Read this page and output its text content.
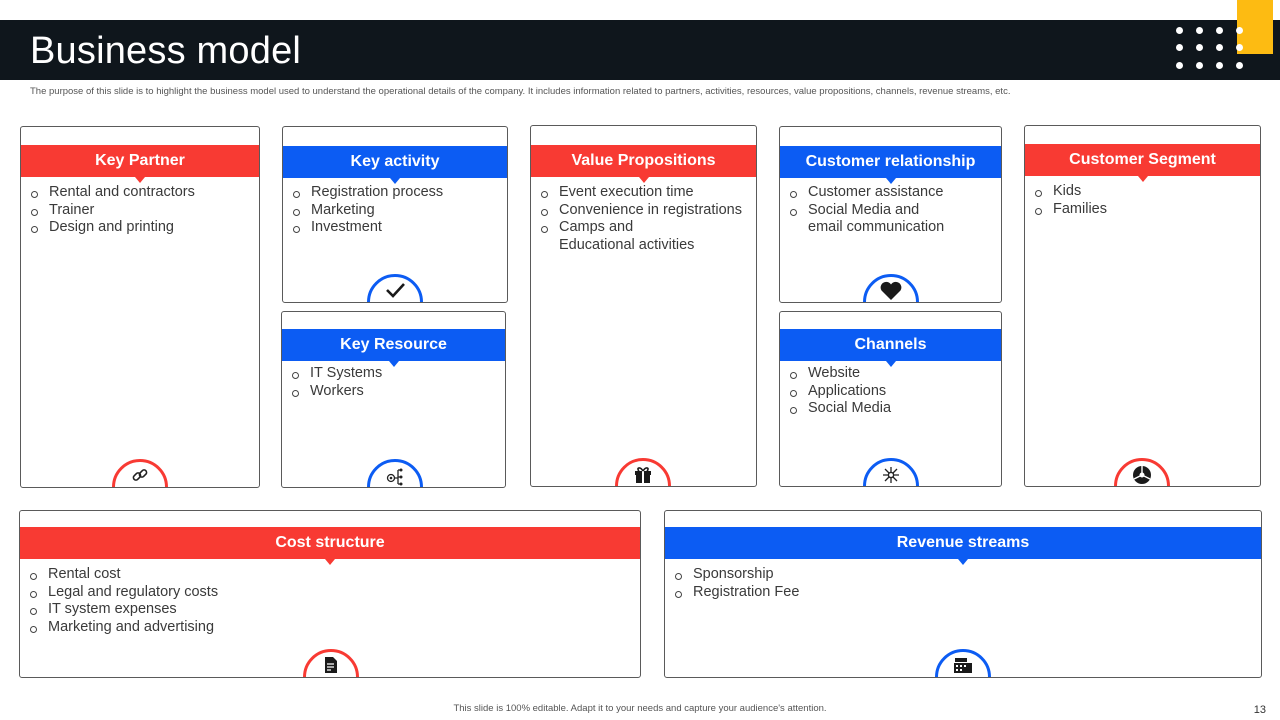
Business model
The purpose of this slide is to highlight the business model used to understand the operational details of the company. It includes information related to partners, activities, resources, value propositions, channels, revenue streams, etc.
Key Partner
Rental and contractors
Trainer
Design and printing
Key activity
Registration process
Marketing
Investment
Key Resource
IT Systems
Workers
Value Propositions
Event execution time
Convenience in registrations
Camps and
Educational activities
Customer relationship
Customer assistance
Social Media and
email communication
Channels
Website
Applications
Social Media
Customer Segment
Kids
Families
Cost structure
Rental cost
Legal and regulatory costs
IT system expenses
Marketing and advertising
Revenue streams
Sponsorship
Registration Fee
This slide is 100% editable. Adapt it to your needs and capture your audience's attention.	13
